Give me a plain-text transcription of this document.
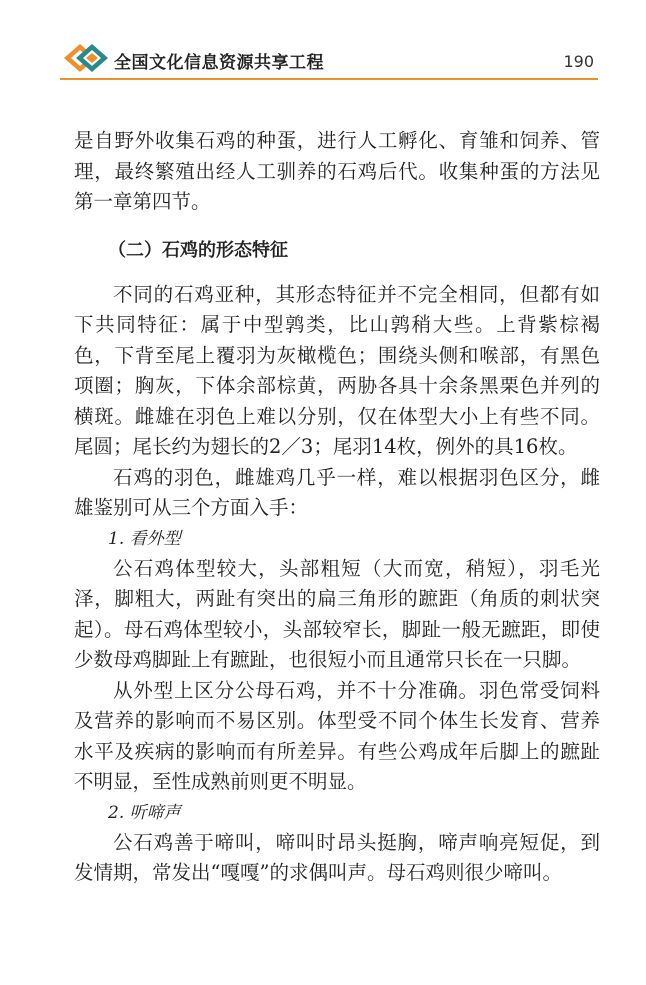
全国文化信息资源共享工程	190

是自野外收集石鸡的种蛋，进行人工孵化、育雏和饲养、管理，最终繁殖出经人工驯养的石鸡后代。收集种蛋的方法见第一章第四节。

（二）石鸡的形态特征

不同的石鸡亚种，其形态特征并不完全相同，但都有如下共同特征：属于中型鹑类，比山鹑稍大些。上背紫棕褐色，下背至尾上覆羽为灰橄榄色；围绕头侧和喉部，有黑色项圈；胸灰，下体余部棕黄，两胁各具十余条黑栗色并列的横斑。雌雄在羽色上难以分别，仅在体型大小上有些不同。尾圆；尾长约为翅长的2／3；尾羽14枚，例外的具16枚。

石鸡的羽色，雌雄鸡几乎一样，难以根据羽色区分，雌雄鉴别可从三个方面入手：

1. 看外型

公石鸡体型较大，头部粗短（大而宽，稍短），羽毛光泽，脚粗大，两趾有突出的扁三角形的蹠距（角质的刺状突起）。母石鸡体型较小，头部较窄长，脚趾一般无蹠距，即使少数母鸡脚趾上有蹠趾，也很短小而且通常只长在一只脚。

从外型上区分公母石鸡，并不十分准确。羽色常受饲料及营养的影响而不易区别。体型受不同个体生长发育、营养水平及疾病的影响而有所差异。有些公鸡成年后脚上的蹠趾不明显，至性成熟前则更不明显。

2. 听啼声

公石鸡善于啼叫，啼叫时昂头挺胸，啼声响亮短促，到发情期，常发出“嘎嘎”的求偶叫声。母石鸡则很少啼叫。
